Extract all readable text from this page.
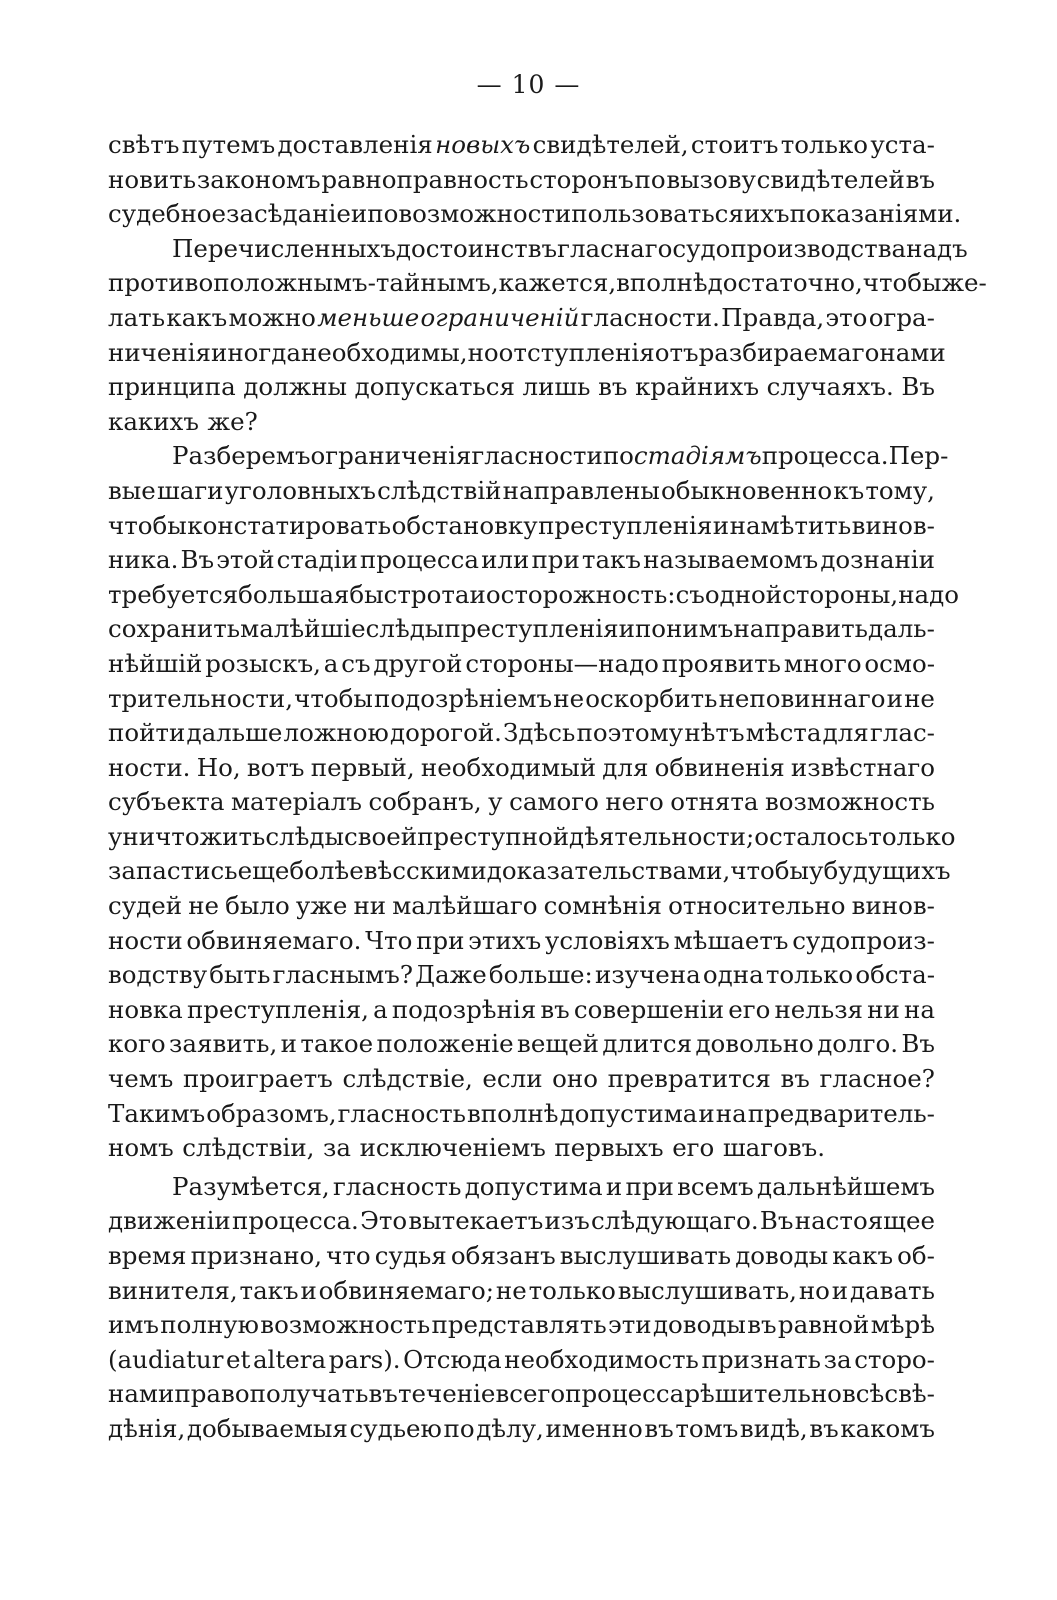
— 10 —
свѣтъ путемъ доставленія новыхъ свидѣтелей, стоитъ только уста-
новить закономъ равноправность сторонъ по вызову свидѣтелей въ
судебное засѣданіе и по возможности пользоваться ихъ показаніями.
Перечисленныхъ достоинствъ гласнаго судопроизводства надъ
противоположнымъ-тайнымъ, кажется, вполнѣ достаточно, чтобы же-
лать какъ можно меньше ограниченій гласности. Правда, это огра-
ниченія иногда необходимы, но отступленія отъ разбираемаго нами
принципа должны допускаться лишь въ крайнихъ случаяхъ. Въ
какихъ же?
Разберемъ ограниченія гласности по стадіямъ процесса. Пер-
вые шаги уголовныхъ слѣдствій направлены обыкновенно къ тому,
чтобы констатировать обстановку преступленія и намѣтить винов-
ника. Въ этой стадіи процесса или при такъ называемомъ дознаніи
требуется большая быстрота и осторожность: съ одной стороны, надо
сохранить малѣйшіе слѣды преступленія и по нимъ направить даль-
нѣйшій розыскъ, а съ другой стороны—надо проявить много осмо-
трительности, чтобы подозрѣніемъ не оскорбить неповиннаго и не
пойти дальше ложною дорогой. Здѣсь поэтому нѣтъ мѣста для глас-
ности. Но, вотъ первый, необходимый для обвиненія извѣстнаго
субъекта матеріалъ собранъ, у самого него отнята возможность
уничтожить слѣды своей преступной дѣятельности; осталось только
запастись еще болѣе вѣсскими доказательствами, чтобы у будущихъ
судей не было уже ни малѣйшаго сомнѣнія относительно винов-
ности обвиняемаго. Что при этихъ условіяхъ мѣшаетъ судопроиз-
водству быть гласнымъ? Даже больше: изучена одна только обста-
новка преступленія, а подозрѣнія въ совершеніи его нельзя ни на
кого заявить, и такое положеніе вещей длится довольно долго. Въ
чемъ проиграетъ слѣдствіе, если оно превратится въ гласное?
Такимъ образомъ, гласность вполнѣ допустима и на предваритель-
номъ слѣдствіи, за исключеніемъ первыхъ его шаговъ.
Разумѣется, гласность допустима и при всемъ дальнѣйшемъ
движеніи процесса. Это вытекаетъ изъ слѣдующаго. Въ настоящее
время признано, что судья обязанъ выслушивать доводы какъ об-
винителя, такъ и обвиняемаго; не только выслушивать, но и давать
имъ полную возможность представлять эти доводы въ равной мѣрѣ
(audiatur et altera pars). Отсюда необходимость признать за сторо-
нами право получать въ теченіе всего процесса рѣшительно всѣ свѣ-
дѣнія, добываемыя судьею по дѣлу, именно въ томъ видѣ, въ какомъ
